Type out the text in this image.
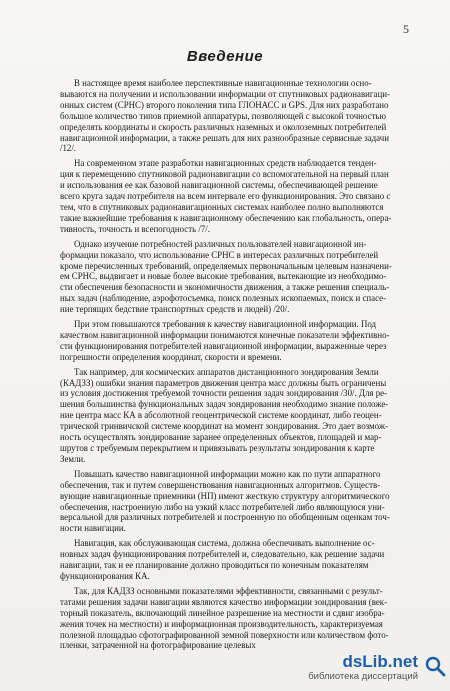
5
Введение
В настоящее время наиболее перспективные навигационные технологии осно-
вываются на получении и использовании информации от спутниковых радионавигаци-
онных систем (СРНС) второго поколения типа ГЛОНАСС и GPS. Для них разработано
большое количество типов приемной аппаратуры, позволяющей с высокой точностью
определять координаты и скорость различных наземных и околоземных потребителей
навигационной информации, а также решать для них разнообразные сервисные задачи
/12/.
На современном этапе разработки навигационных средств наблюдается тенден-
ция к перемещению спутниковой радионавигации со вспомогательной на первый план
и использования ее как базовой навигационной системы, обеспечивающей решение
всего круга задач потребителя на всем интервале его функционирования. Это связано с
тем, что в спутниковых радионавигационных системах наиболее полно выполняются
такие важнейшие требования к навигационному обеспечению как глобальность, опера-
тивность, точность и всепогодность /7/.
Однако изучение потребностей различных пользователей навигационной ин-
формации показало, что использование СРНС в интересах различных потребителей
кроме перечисленных требований, определяемых первоначальным целевым назначени-
ем СРНС, выдвигает и новые более высокие требования, вытекающие из необходимо-
сти обеспечения безопасности и экономичности движения, а также решения специаль-
ных задач (наблюдение, аэрофотосъемка, поиск полезных ископаемых, поиск и спасе-
ние терпящих бедствие транспортных средств и людей) /20/.
При этом повышаются требования к качеству навигационной информации. Под
качеством навигационной информации понимаются конечные показатели эффективно-
сти функционирования потребителей навигационной информации, выраженные через
погрешности определения координат, скорости и времени.
Так например, для космических аппаратов дистанционного зондирования Земли
(КАДЗЗ) ошибки знания параметров движения центра масс должны быть ограничены
из условия достижения требуемой точности решения задач зондирования /30/. Для ре-
шения большинства функциональных задач зондирования необходимо знание положе-
ние центра масс КА в абсолютной геоцентрической системе координат, либо геоцен-
трической гринвичской системе координат на момент зондирования. Это дает возмож-
ность осуществлять зондирование заранее определенных объектов, площадей и мар-
шрутов с требуемым перекрытием и привязывать результаты зондирования к карте
Земли.
Повышать качество навигационной информации можно как по пути аппаратного
обеспечения, так и путем совершенствования навигационных алгоритмов. Существ-
вующие навигационные приемники (НП) имеют жесткую структуру алгоритмического
обеспечения, настроенную либо на узкий класс потребителей либо являющуюся уни-
версальной для различных потребителей и построенную по обобщенным оценкам точ-
ности навигации.
Навигация, как обслуживающая система, должна обеспечивать выполнение ос-
новных задач функционирования потребителей и, следовательно, как решение задачи
навигации, так и ее планирование должно проводиться по конечным показателям
функционирования КА.
Так, для КАДЗЗ основными показателями эффективности, связанными с результ-
татами решения задачи навигации являются качество информации зондирования (век-
торный показатель, включающий линейное разрешение на местности и сдвиг изобра-
жения точек на местности) и информационная производительность, характеризуемая
полезной площадью сфотографированной земной поверхности или количеством фото-
пленки, затраченной на фотографирование целевых
dsLib.net
библиотека диссертаций
